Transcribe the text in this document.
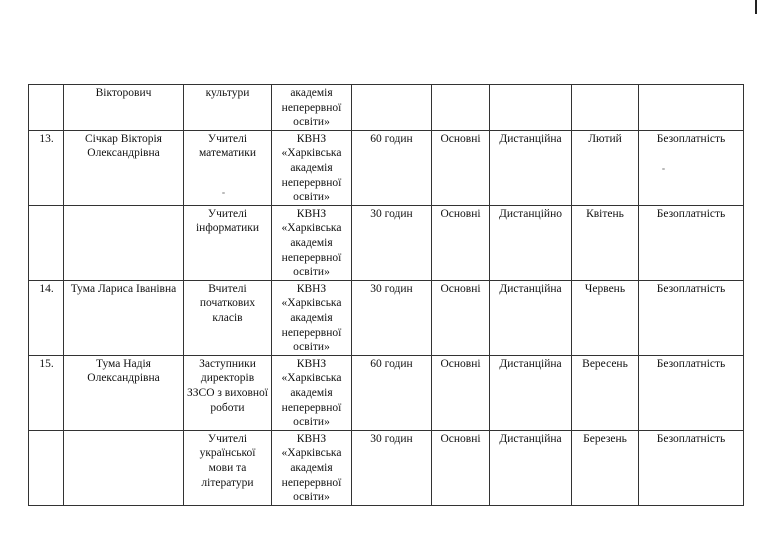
	Вікторович	культури	академія неперервної освіти»					
13.	Січкар Вікторія Олександрівна	Учителі математики	КВНЗ «Харківська академія неперервної освіти»	60 годин	Основні	Дистанційна	Лютий	Безоплатність
		Учителі інформатики	КВНЗ «Харківська академія неперервної освіти»	30 годин	Основні	Дистанційно	Квітень	Безоплатність
14.	Тума Лариса Іванівна	Вчителі початкових класів	КВНЗ «Харківська академія неперервної освіти»	30 годин	Основні	Дистанційна	Червень	Безоплатність
15.	Тума Надія Олександрівна	Заступники директорів ЗЗСО з виховної роботи	КВНЗ «Харківська академія неперервної освіти»	60 годин	Основні	Дистанційна	Вересень	Безоплатність
		Учителі української мови та літератури	КВНЗ «Харківська академія неперервної освіти»	30 годин	Основні	Дистанційна	Березень	Безоплатність
